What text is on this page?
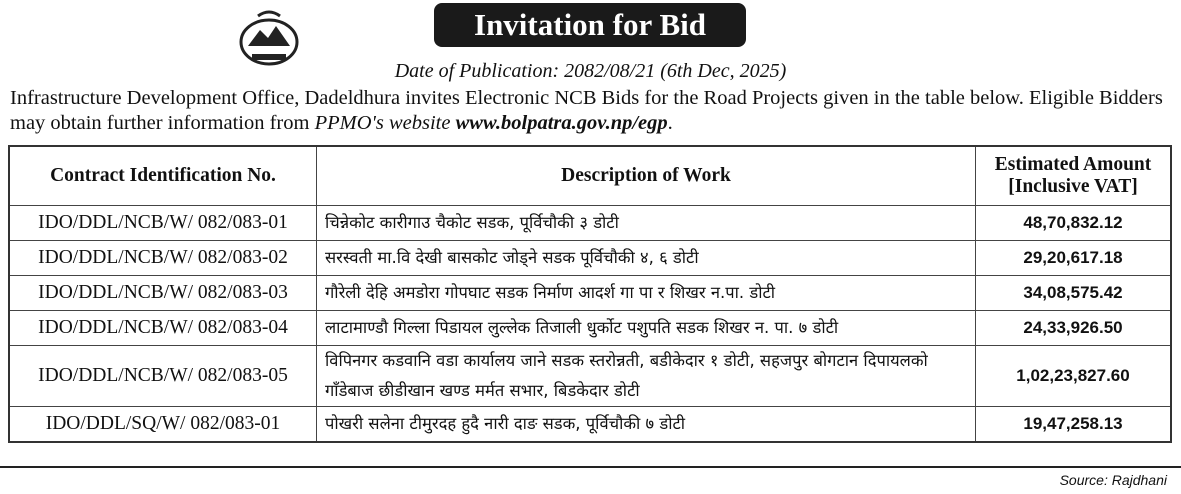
Invitation for Bid
Date of Publication: 2082/08/21 (6th Dec, 2025)
Infrastructure Development Office, Dadeldhura invites Electronic NCB Bids for the Road Projects given in the table below. Eligible Bidders may obtain further information from PPMO's website www.bolpatra.gov.np/egp.
Contract Identification No.	Description of Work	Estimated Amount [Inclusive VAT]
IDO/DDL/NCB/W/ 082/083-01	चिन्नेकोट कारीगाउ चैकोट सडक, पूर्विचौकी ३ डोटी	48,70,832.12
IDO/DDL/NCB/W/ 082/083-02	सरस्वती मा.वि देखी बासकोट जोड्ने सडक पूर्विचौकी ४, ६ डोटी	29,20,617.18
IDO/DDL/NCB/W/ 082/083-03	गौरेली देहि अमडोरा गोपघाट सडक निर्माण आदर्श गा पा र शिखर न.पा. डोटी	34,08,575.42
IDO/DDL/NCB/W/ 082/083-04	लाटामाण्डौ गिल्ला पिडायल लुल्लेक तिजाली धुर्कोट पशुपति सडक शिखर न. पा. ७ डोटी	24,33,926.50
IDO/DDL/NCB/W/ 082/083-05	विपिनगर कडवानि वडा कार्यालय जाने सडक स्तरोन्नती, बडीकेदार १ डोटी, सहजपुर बोगटान दिपायलको गाँडेबाज छीडीखान खण्ड मर्मत सभार, बिडकेदार डोटी	1,02,23,827.60
IDO/DDL/SQ/W/ 082/083-01	पोखरी सलेना टीमुरदह हुदै नारी दाङ सडक, पूर्विचौकी ७ डोटी	19,47,258.13
Source: Rajdhani
